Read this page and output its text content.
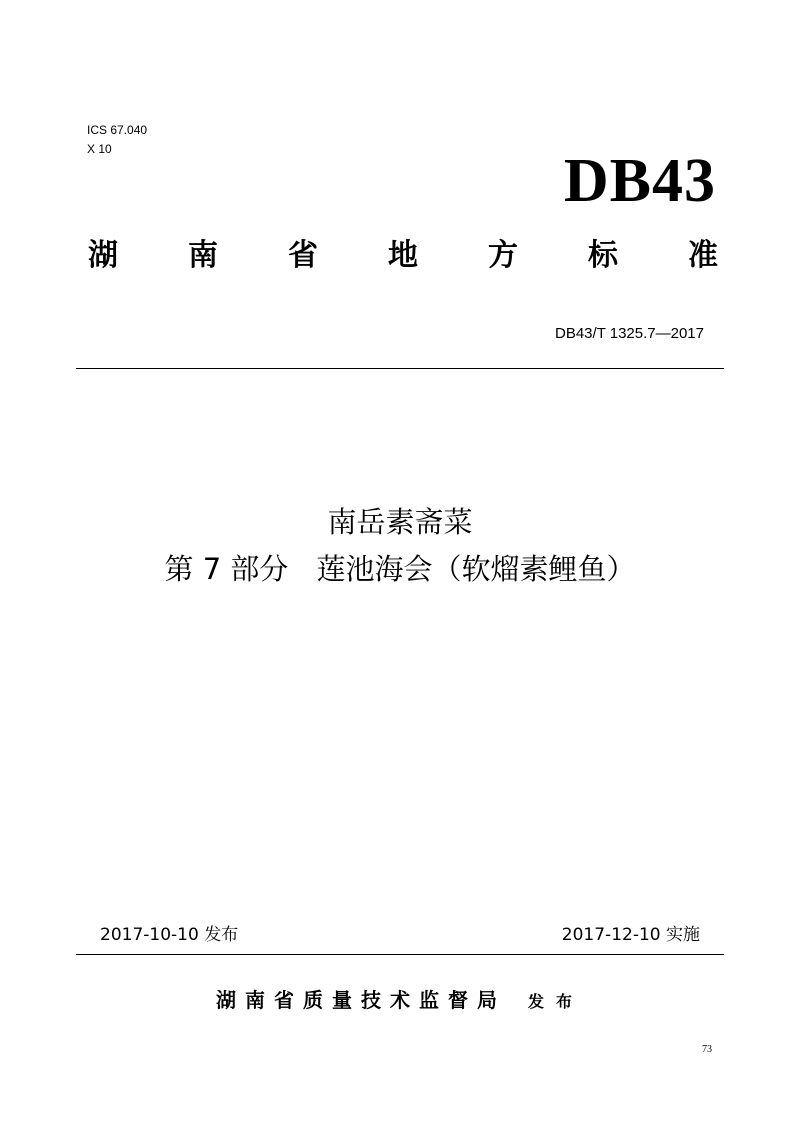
ICS 67.040
X 10	DB43
湖 南 省 地 方 标 准
DB43/T 1325.7—2017
南岳素斋菜
第 7 部分 莲池海会（软熘素鲤鱼）
2017-10-10 发布	2017-12-10 实施
湖南省质量技术监督局 发布
73
